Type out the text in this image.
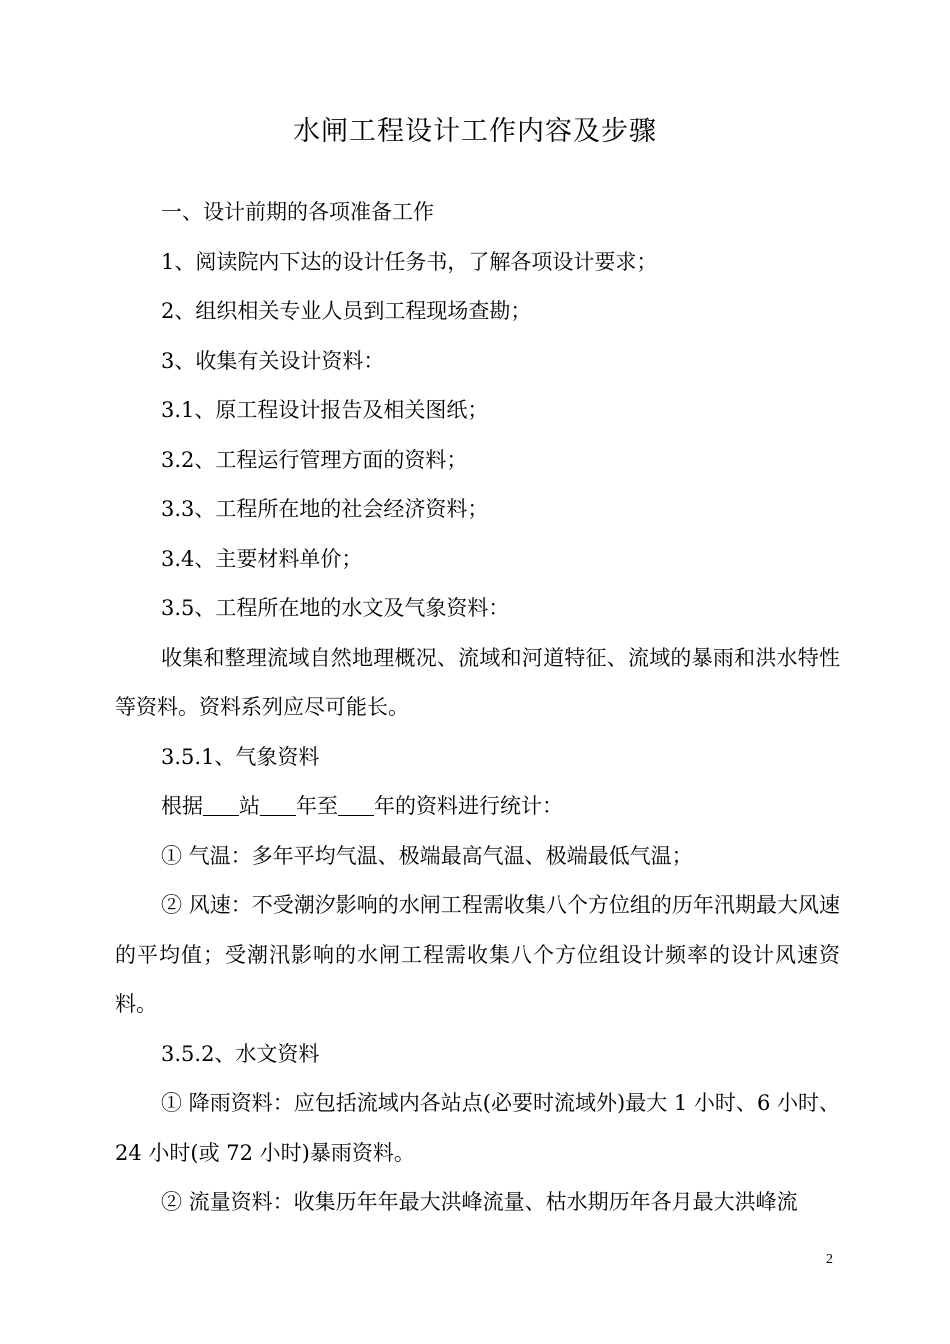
水闸工程设计工作内容及步骤

一、设计前期的各项准备工作

1、阅读院内下达的设计任务书，了解各项设计要求；

2、组织相关专业人员到工程现场查勘；

3、收集有关设计资料：

3.1、原工程设计报告及相关图纸；

3.2、工程运行管理方面的资料；

3.3、工程所在地的社会经济资料；

3.4、主要材料单价；

3.5、工程所在地的水文及气象资料：

收集和整理流域自然地理概况、流域和河道特征、流域的暴雨和洪水特性等资料。资料系列应尽可能长。

3.5.1、气象资料

根据 站 年至 年的资料进行统计：

① 气温：多年平均气温、极端最高气温、极端最低气温；

② 风速：不受潮汐影响的水闸工程需收集八个方位组的历年汛期最大风速的平均值；受潮汛影响的水闸工程需收集八个方位组设计频率的设计风速资料。

3.5.2、水文资料

① 降雨资料：应包括流域内各站点(必要时流域外)最大 1 小时、6 小时、24 小时(或 72 小时)暴雨资料。

② 流量资料：收集历年年最大洪峰流量、枯水期历年各月最大洪峰流

2
